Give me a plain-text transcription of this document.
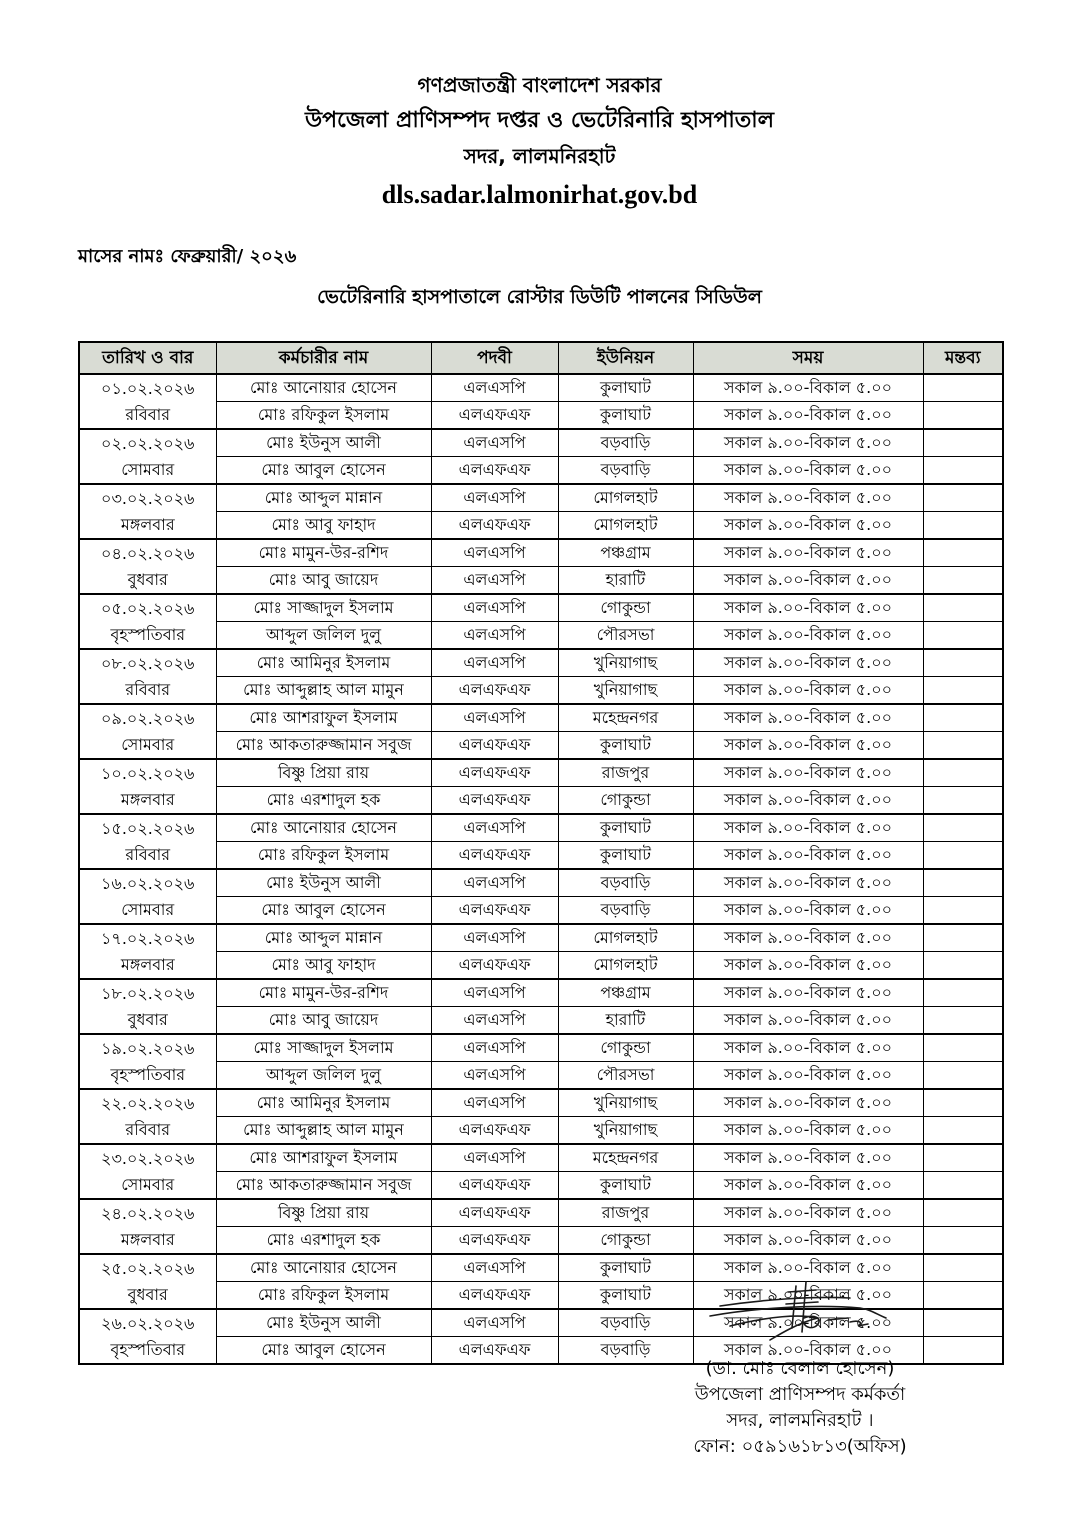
গণপ্রজাতন্ত্রী বাংলাদেশ সরকার
উপজেলা প্রাণিসম্পদ দপ্তর ও ভেটেরিনারি হাসপাতাল
সদর, লালমনিরহাট
dls.sadar.lalmonirhat.gov.bd
মাসের নামঃ ফেব্রুয়ারী/ ২০২৬
ভেটেরিনারি হাসপাতালে রোস্টার ডিউটি পালনের সিডিউল
তারিখ ও বার	কর্মচারীর নাম	পদবী	ইউনিয়ন	সময়	মন্তব্য

০১.০২.২০২৬
রবিবার	মোঃ আনোয়ার হোসেন	এলএসপি	কুলাঘাট	সকাল ৯.০০-বিকাল ৫.০০	
	মোঃ রফিকুল ইসলাম	এলএফএফ	কুলাঘাট	সকাল ৯.০০-বিকাল ৫.০০	

০২.০২.২০২৬
সোমবার	মোঃ ইউনুস আলী	এলএসপি	বড়বাড়ি	সকাল ৯.০০-বিকাল ৫.০০	
	মোঃ আবুল হোসেন	এলএফএফ	বড়বাড়ি	সকাল ৯.০০-বিকাল ৫.০০	

০৩.০২.২০২৬
মঙ্গলবার	মোঃ আব্দুল মান্নান	এলএসপি	মোগলহাট	সকাল ৯.০০-বিকাল ৫.০০	
	মোঃ আবু ফাহাদ	এলএফএফ	মোগলহাট	সকাল ৯.০০-বিকাল ৫.০০	

০৪.০২.২০২৬
বুধবার	মোঃ মামুন-উর-রশিদ	এলএসপি	পঞ্চগ্রাম	সকাল ৯.০০-বিকাল ৫.০০	
	মোঃ আবু জায়েদ	এলএসপি	হারাটি	সকাল ৯.০০-বিকাল ৫.০০	

০৫.০২.২০২৬
বৃহস্পতিবার	মোঃ সাজ্জাদুল ইসলাম	এলএসপি	গোকুন্ডা	সকাল ৯.০০-বিকাল ৫.০০	
	আব্দুল জলিল দুলু	এলএসপি	পৌরসভা	সকাল ৯.০০-বিকাল ৫.০০	

০৮.০২.২০২৬
রবিবার	মোঃ আমিনুর ইসলাম	এলএসপি	খুনিয়াগাছ	সকাল ৯.০০-বিকাল ৫.০০	
	মোঃ আব্দুল্লাহ আল মামুন	এলএফএফ	খুনিয়াগাছ	সকাল ৯.০০-বিকাল ৫.০০	

০৯.০২.২০২৬
সোমবার	মোঃ আশরাফুল ইসলাম	এলএসপি	মহেন্দ্রনগর	সকাল ৯.০০-বিকাল ৫.০০	
	মোঃ আকতারুজ্জামান সবুজ	এলএফএফ	কুলাঘাট	সকাল ৯.০০-বিকাল ৫.০০	

১০.০২.২০২৬
মঙ্গলবার	বিষ্ণু প্রিয়া রায়	এলএফএফ	রাজপুর	সকাল ৯.০০-বিকাল ৫.০০	
	মোঃ এরশাদুল হক	এলএফএফ	গোকুন্ডা	সকাল ৯.০০-বিকাল ৫.০০	

১৫.০২.২০২৬
রবিবার	মোঃ আনোয়ার হোসেন	এলএসপি	কুলাঘাট	সকাল ৯.০০-বিকাল ৫.০০	
	মোঃ রফিকুল ইসলাম	এলএফএফ	কুলাঘাট	সকাল ৯.০০-বিকাল ৫.০০	

১৬.০২.২০২৬
সোমবার	মোঃ ইউনুস আলী	এলএসপি	বড়বাড়ি	সকাল ৯.০০-বিকাল ৫.০০	
	মোঃ আবুল হোসেন	এলএফএফ	বড়বাড়ি	সকাল ৯.০০-বিকাল ৫.০০	

১৭.০২.২০২৬
মঙ্গলবার	মোঃ আব্দুল মান্নান	এলএসপি	মোগলহাট	সকাল ৯.০০-বিকাল ৫.০০	
	মোঃ আবু ফাহাদ	এলএফএফ	মোগলহাট	সকাল ৯.০০-বিকাল ৫.০০	

১৮.০২.২০২৬
বুধবার	মোঃ মামুন-উর-রশিদ	এলএসপি	পঞ্চগ্রাম	সকাল ৯.০০-বিকাল ৫.০০	
	মোঃ আবু জায়েদ	এলএসপি	হারাটি	সকাল ৯.০০-বিকাল ৫.০০	

১৯.০২.২০২৬
বৃহস্পতিবার	মোঃ সাজ্জাদুল ইসলাম	এলএসপি	গোকুন্ডা	সকাল ৯.০০-বিকাল ৫.০০	
	আব্দুল জলিল দুলু	এলএসপি	পৌরসভা	সকাল ৯.০০-বিকাল ৫.০০	

২২.০২.২০২৬
রবিবার	মোঃ আমিনুর ইসলাম	এলএসপি	খুনিয়াগাছ	সকাল ৯.০০-বিকাল ৫.০০	
	মোঃ আব্দুল্লাহ আল মামুন	এলএফএফ	খুনিয়াগাছ	সকাল ৯.০০-বিকাল ৫.০০	

২৩.০২.২০২৬
সোমবার	মোঃ আশরাফুল ইসলাম	এলএসপি	মহেন্দ্রনগর	সকাল ৯.০০-বিকাল ৫.০০	
	মোঃ আকতারুজ্জামান সবুজ	এলএফএফ	কুলাঘাট	সকাল ৯.০০-বিকাল ৫.০০	

২৪.০২.২০২৬
মঙ্গলবার	বিষ্ণু প্রিয়া রায়	এলএফএফ	রাজপুর	সকাল ৯.০০-বিকাল ৫.০০	
	মোঃ এরশাদুল হক	এলএফএফ	গোকুন্ডা	সকাল ৯.০০-বিকাল ৫.০০	

২৫.০২.২০২৬
বুধবার	মোঃ আনোয়ার হোসেন	এলএসপি	কুলাঘাট	সকাল ৯.০০-বিকাল ৫.০০	
	মোঃ রফিকুল ইসলাম	এলএফএফ	কুলাঘাট	সকাল ৯.০০-বিকাল ৫.০০	

২৬.০২.২০২৬
বৃহস্পতিবার	মোঃ ইউনুস আলী	এলএসপি	বড়বাড়ি	সকাল ৯.০০-বিকাল ৫.০০	
	মোঃ আবুল হোসেন	এলএফএফ	বড়বাড়ি	সকাল ৯.০০-বিকাল ৫.০০	
(ডা. মোঃ বেলাল হোসেন)
উপজেলা প্রাণিসম্পদ কর্মকর্তা
সদর, লালমনিরহাট ।
ফোন: ০৫৯১৬১৮১৩(অফিস)
